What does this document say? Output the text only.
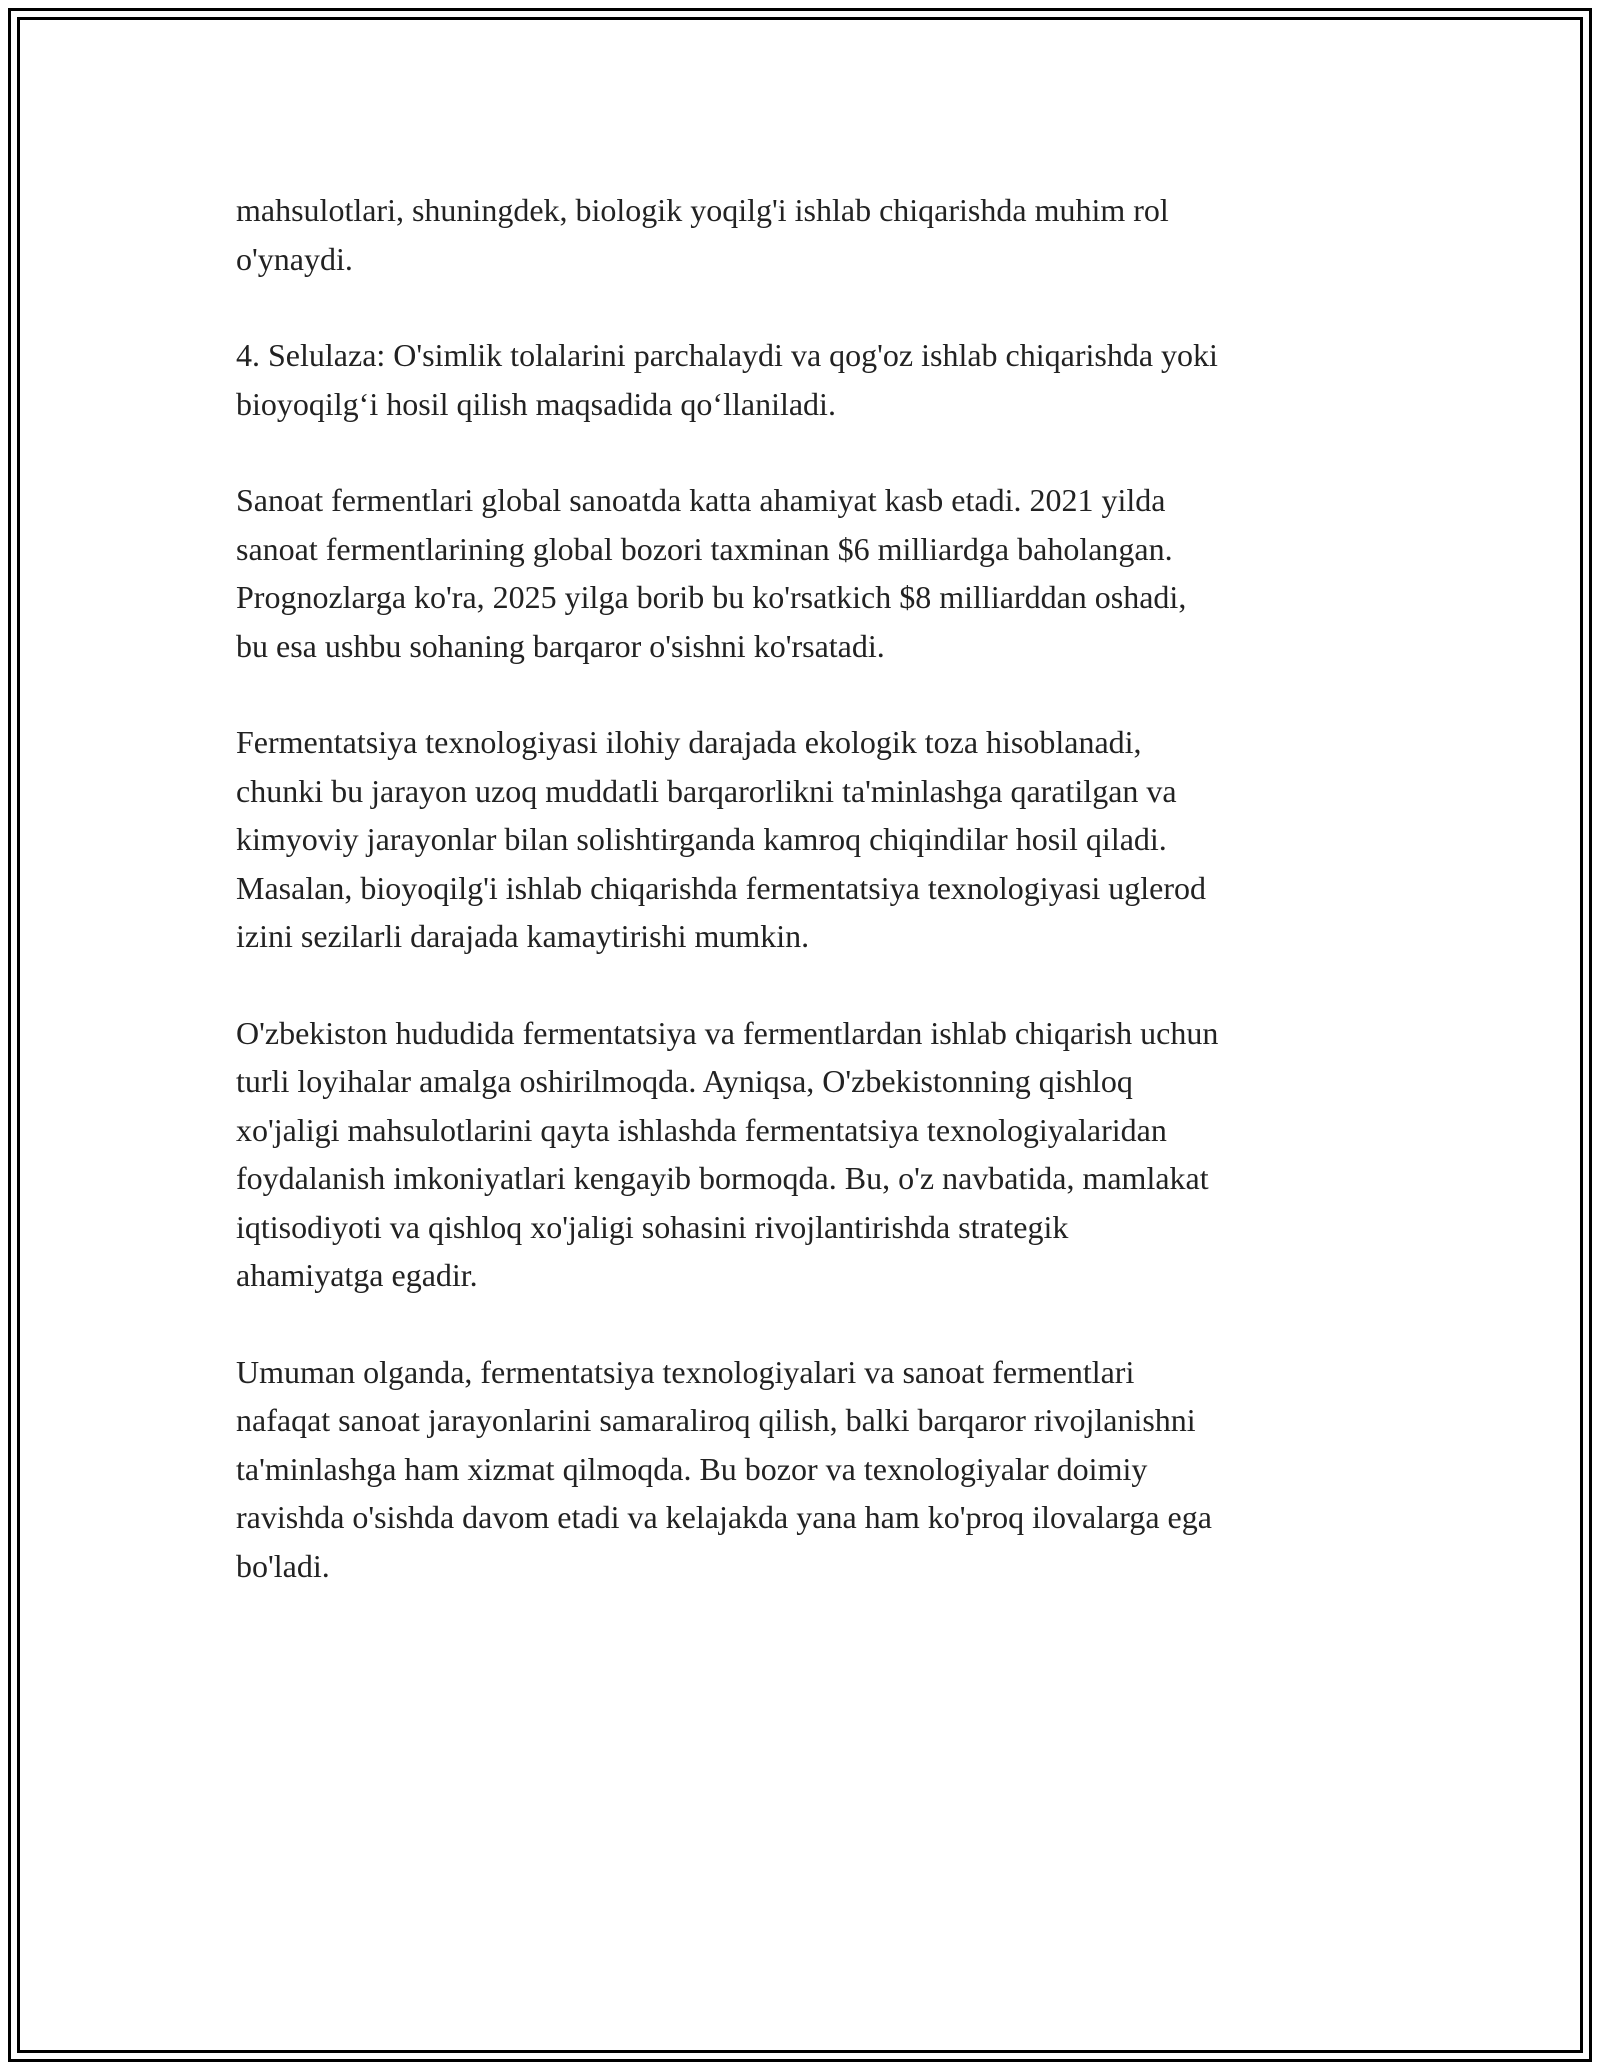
mahsulotlari, shuningdek, biologik yoqilg'i ishlab chiqarishda muhim rol
o'ynaydi.

4. Selulaza: O'simlik tolalarini parchalaydi va qog'oz ishlab chiqarishda yoki
bioyoqilg‘i hosil qilish maqsadida qo‘llaniladi.

Sanoat fermentlari global sanoatda katta ahamiyat kasb etadi. 2021 yilda
sanoat fermentlarining global bozori taxminan $6 milliardga baholangan.
Prognozlarga ko'ra, 2025 yilga borib bu ko'rsatkich $8 milliarddan oshadi,
bu esa ushbu sohaning barqaror o'sishni ko'rsatadi.

Fermentatsiya texnologiyasi ilohiy darajada ekologik toza hisoblanadi,
chunki bu jarayon uzoq muddatli barqarorlikni ta'minlashga qaratilgan va
kimyoviy jarayonlar bilan solishtirganda kamroq chiqindilar hosil qiladi.
Masalan, bioyoqilg'i ishlab chiqarishda fermentatsiya texnologiyasi uglerod
izini sezilarli darajada kamaytirishi mumkin.

O'zbekiston hududida fermentatsiya va fermentlardan ishlab chiqarish uchun
turli loyihalar amalga oshirilmoqda. Ayniqsa, O'zbekistonning qishloq
xo'jaligi mahsulotlarini qayta ishlashda fermentatsiya texnologiyalaridan
foydalanish imkoniyatlari kengayib bormoqda. Bu, o'z navbatida, mamlakat
iqtisodiyoti va qishloq xo'jaligi sohasini rivojlantirishda strategik
ahamiyatga egadir.

Umuman olganda, fermentatsiya texnologiyalari va sanoat fermentlari
nafaqat sanoat jarayonlarini samaraliroq qilish, balki barqaror rivojlanishni
ta'minlashga ham xizmat qilmoqda. Bu bozor va texnologiyalar doimiy
ravishda o'sishda davom etadi va kelajakda yana ham ko'proq ilovalarga ega
bo'ladi.
